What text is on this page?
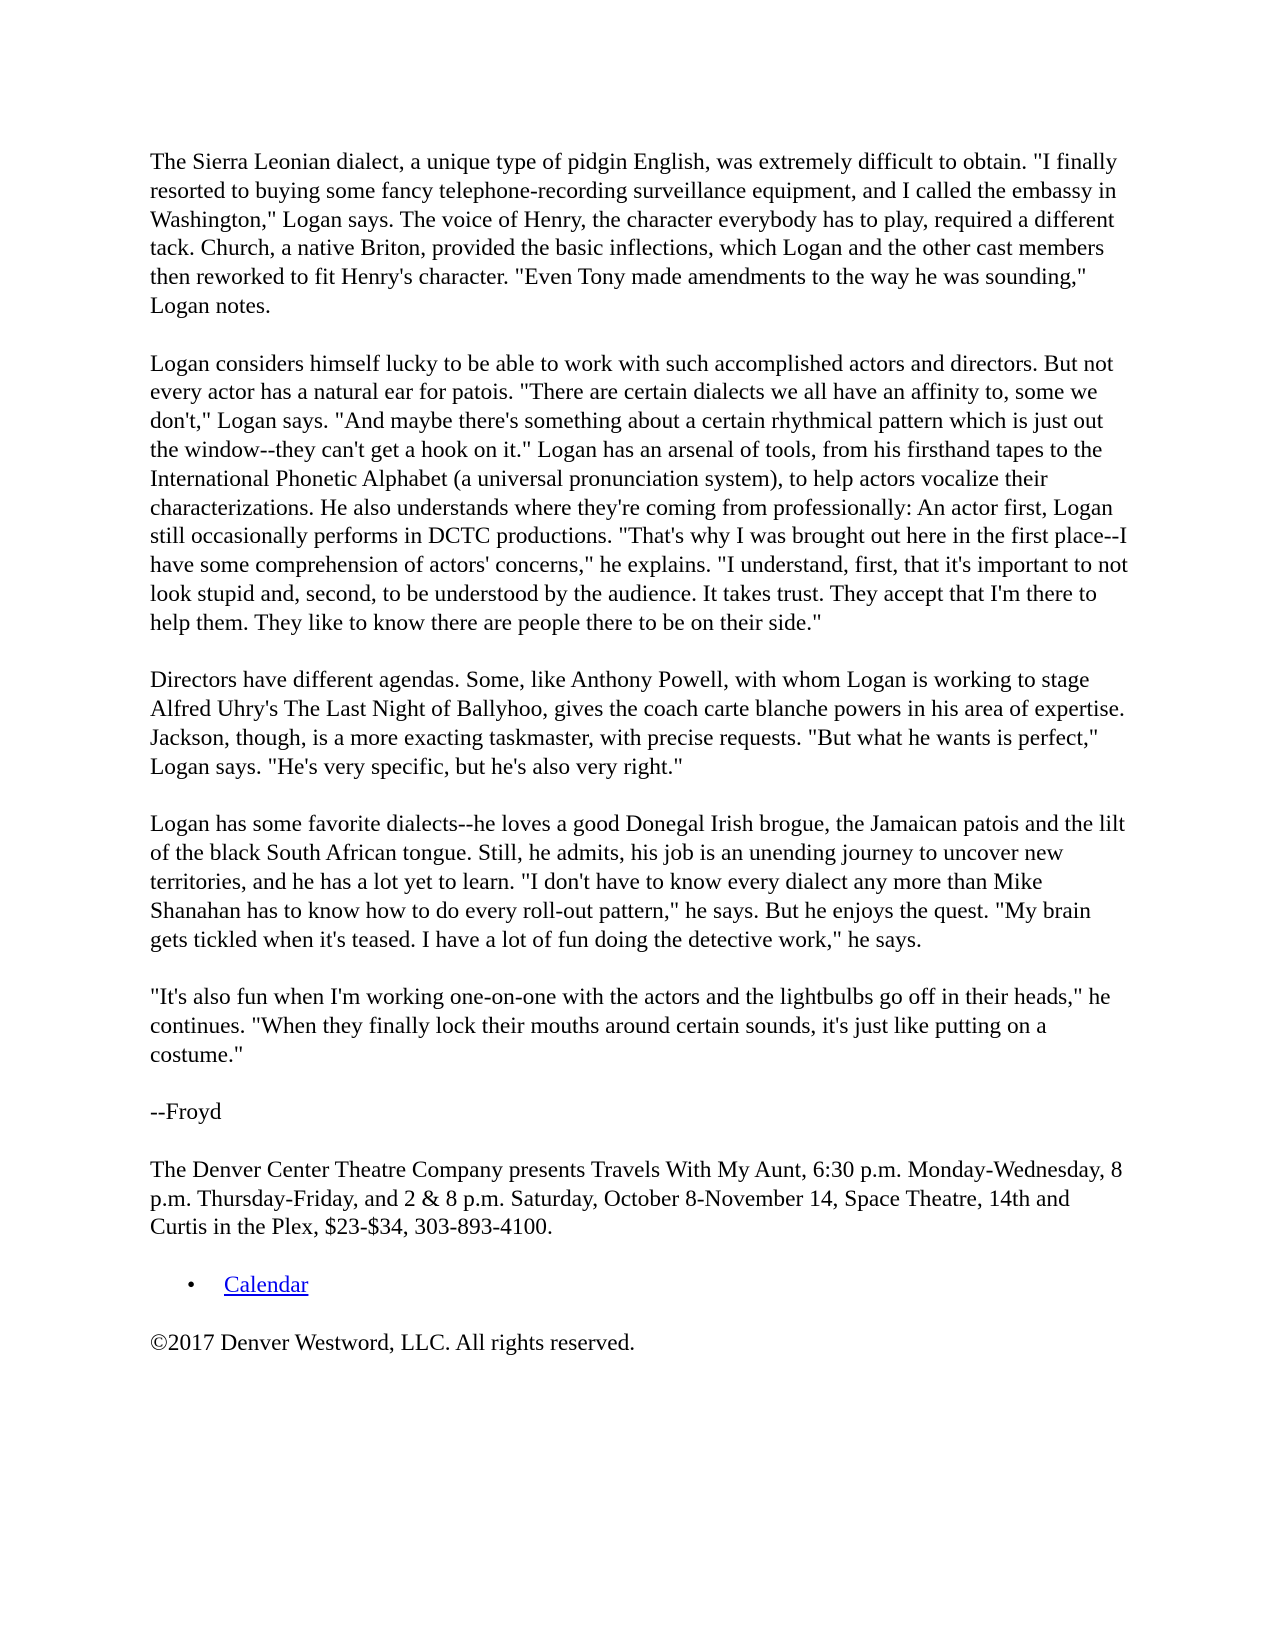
The Sierra Leonian dialect, a unique type of pidgin English, was extremely difficult to obtain. "I finally resorted to buying some fancy telephone-recording surveillance equipment, and I called the embassy in Washington," Logan says. The voice of Henry, the character everybody has to play, required a different tack. Church, a native Briton, provided the basic inflections, which Logan and the other cast members then reworked to fit Henry's character. "Even Tony made amendments to the way he was sounding," Logan notes.

Logan considers himself lucky to be able to work with such accomplished actors and directors. But not every actor has a natural ear for patois. "There are certain dialects we all have an affinity to, some we don't," Logan says. "And maybe there's something about a certain rhythmical pattern which is just out the window--they can't get a hook on it." Logan has an arsenal of tools, from his firsthand tapes to the International Phonetic Alphabet (a universal pronunciation system), to help actors vocalize their characterizations. He also understands where they're coming from professionally: An actor first, Logan still occasionally performs in DCTC productions. "That's why I was brought out here in the first place--I have some comprehension of actors' concerns," he explains. "I understand, first, that it's important to not look stupid and, second, to be understood by the audience. It takes trust. They accept that I'm there to help them. They like to know there are people there to be on their side."

Directors have different agendas. Some, like Anthony Powell, with whom Logan is working to stage Alfred Uhry's The Last Night of Ballyhoo, gives the coach carte blanche powers in his area of expertise. Jackson, though, is a more exacting taskmaster, with precise requests. "But what he wants is perfect," Logan says. "He's very specific, but he's also very right."

Logan has some favorite dialects--he loves a good Donegal Irish brogue, the Jamaican patois and the lilt of the black South African tongue. Still, he admits, his job is an unending journey to uncover new territories, and he has a lot yet to learn. "I don't have to know every dialect any more than Mike Shanahan has to know how to do every roll-out pattern," he says. But he enjoys the quest. "My brain gets tickled when it's teased. I have a lot of fun doing the detective work," he says.

"It's also fun when I'm working one-on-one with the actors and the lightbulbs go off in their heads," he continues. "When they finally lock their mouths around certain sounds, it's just like putting on a costume."

--Froyd

The Denver Center Theatre Company presents Travels With My Aunt, 6:30 p.m. Monday-Wednesday, 8 p.m. Thursday-Friday, and 2 & 8 p.m. Saturday, October 8-November 14, Space Theatre, 14th and Curtis in the Plex, $23-$34, 303-893-4100.

• Calendar

©2017 Denver Westword, LLC. All rights reserved.
